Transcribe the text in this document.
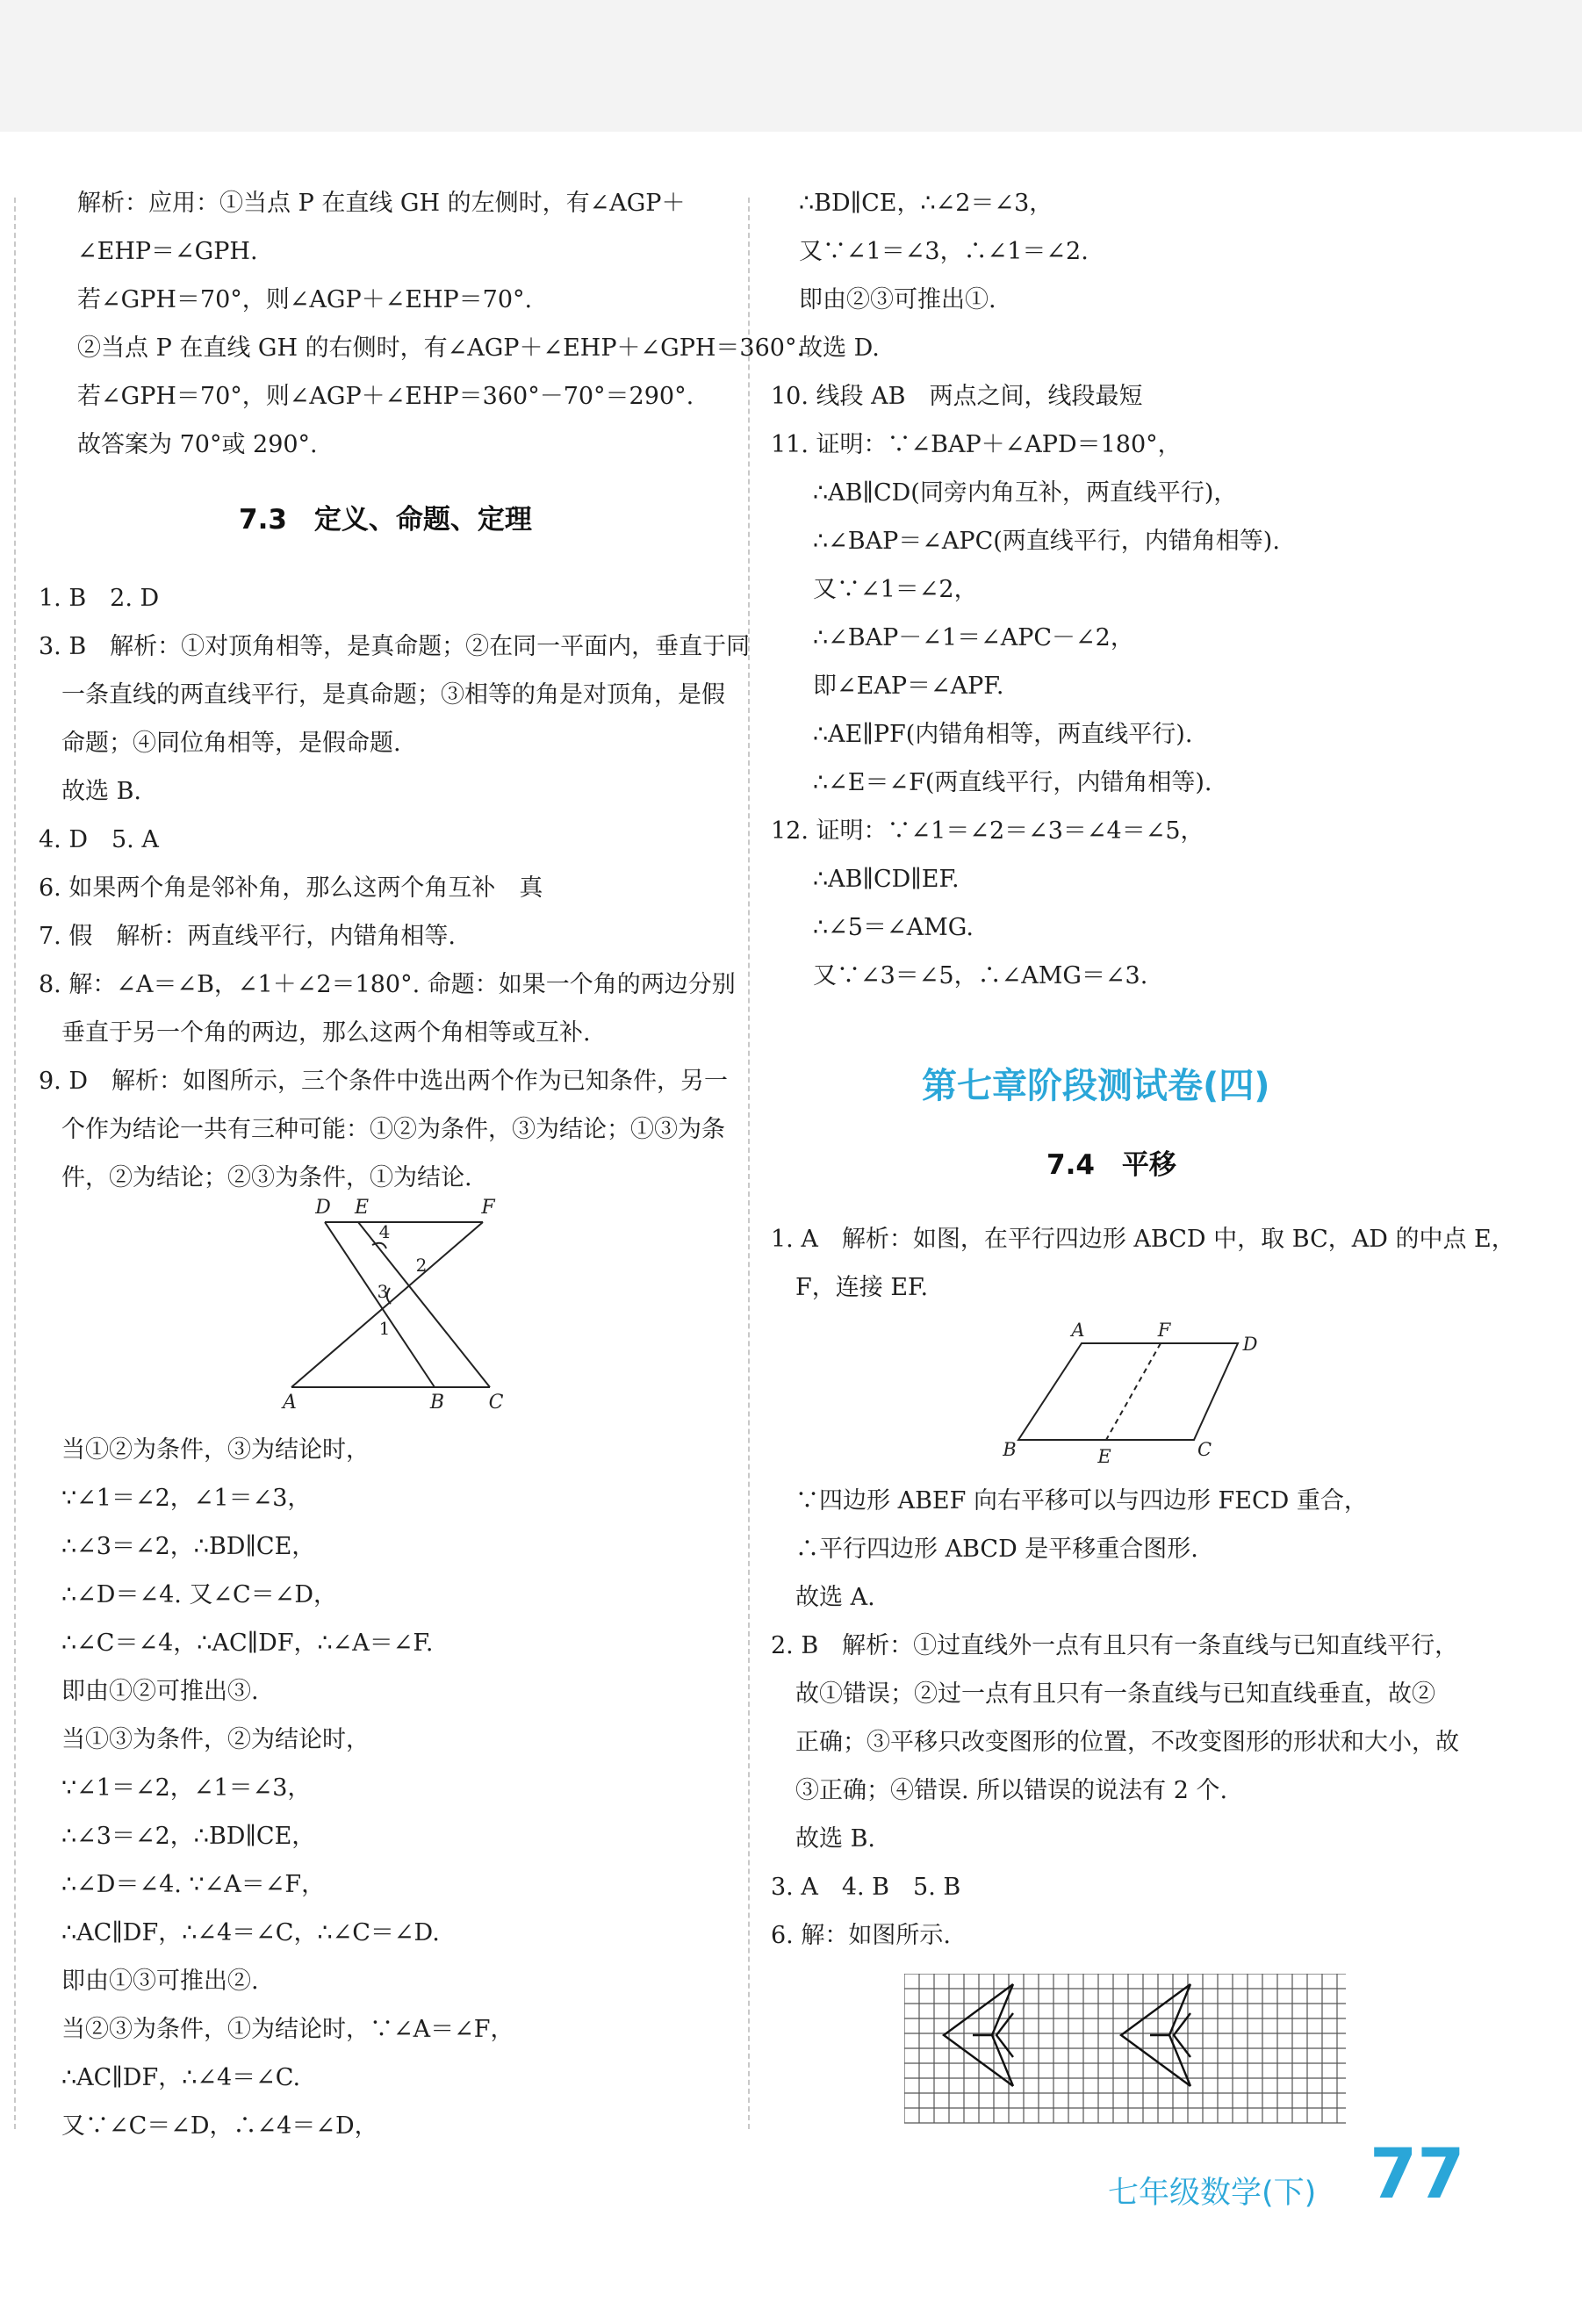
解析：应用：①当点 P 在直线 GH 的左侧时，有∠AGP＋
∠EHP＝∠GPH.
若∠GPH＝70°，则∠AGP＋∠EHP＝70°.
②当点 P 在直线 GH 的右侧时，有∠AGP＋∠EHP＋∠GPH＝360°.
若∠GPH＝70°，则∠AGP＋∠EHP＝360°－70°＝290°.
故答案为 70°或 290°.
7.3　定义、命题、定理
1. B　2. D
3. B　解析：①对顶角相等，是真命题；②在同一平面内，垂直于同
一条直线的两直线平行，是真命题；③相等的角是对顶角，是假
命题；④同位角相等，是假命题.
故选 B.
4. D　5. A
6. 如果两个角是邻补角，那么这两个角互补　真
7. 假　解析：两直线平行，内错角相等.
8. 解：∠A＝∠B，∠1＋∠2＝180°. 命题：如果一个角的两边分别
垂直于另一个角的两边，那么这两个角相等或互补.
9. D　解析：如图所示，三个条件中选出两个作为已知条件，另一
个作为结论一共有三种可能：①②为条件，③为结论；①③为条
件，②为结论；②③为条件，①为结论.
D E	F
4
2
3
1
A	B C
当①②为条件，③为结论时，
∵∠1＝∠2，∠1＝∠3，
∴∠3＝∠2，∴BD∥CE，
∴∠D＝∠4. 又∠C＝∠D，
∴∠C＝∠4，∴AC∥DF，∴∠A＝∠F.
即由①②可推出③.
当①③为条件，②为结论时，
∵∠1＝∠2，∠1＝∠3，
∴∠3＝∠2，∴BD∥CE，
∴∠D＝∠4. ∵∠A＝∠F，
∴AC∥DF，∴∠4＝∠C，∴∠C＝∠D.
即由①③可推出②.
当②③为条件，①为结论时，∵∠A＝∠F，
∴AC∥DF，∴∠4＝∠C.
又∵∠C＝∠D，∴∠4＝∠D，
∴BD∥CE，∴∠2＝∠3，
又∵∠1＝∠3，∴∠1＝∠2.
即由②③可推出①.
故选 D.
10. 线段 AB　两点之间，线段最短
11. 证明：∵∠BAP＋∠APD＝180°，
∴AB∥CD(同旁内角互补，两直线平行)，
∴∠BAP＝∠APC(两直线平行，内错角相等).
又∵∠1＝∠2，
∴∠BAP－∠1＝∠APC－∠2，
即∠EAP＝∠APF.
∴AE∥PF(内错角相等，两直线平行).
∴∠E＝∠F(两直线平行，内错角相等).
12. 证明：∵∠1＝∠2＝∠3＝∠4＝∠5，
∴AB∥CD∥EF.
∴∠5＝∠AMG.
又∵∠3＝∠5，∴∠AMG＝∠3.
第七章阶段测试卷(四)
7.4　平移
1. A　解析：如图，在平行四边形 ABCD 中，取 BC，AD 的中点 E，
F，连接 EF.
A	F
D
B	E	C
∵四边形 ABEF 向右平移可以与四边形 FECD 重合，
∴平行四边形 ABCD 是平移重合图形.
故选 A.
2. B　解析：①过直线外一点有且只有一条直线与已知直线平行，
故①错误；②过一点有且只有一条直线与已知直线垂直，故②
正确；③平移只改变图形的位置，不改变图形的形状和大小，故
③正确；④错误. 所以错误的说法有 2 个.
故选 B.
3. A　4. B　5. B
6. 解：如图所示.
七年级数学(下) 77
